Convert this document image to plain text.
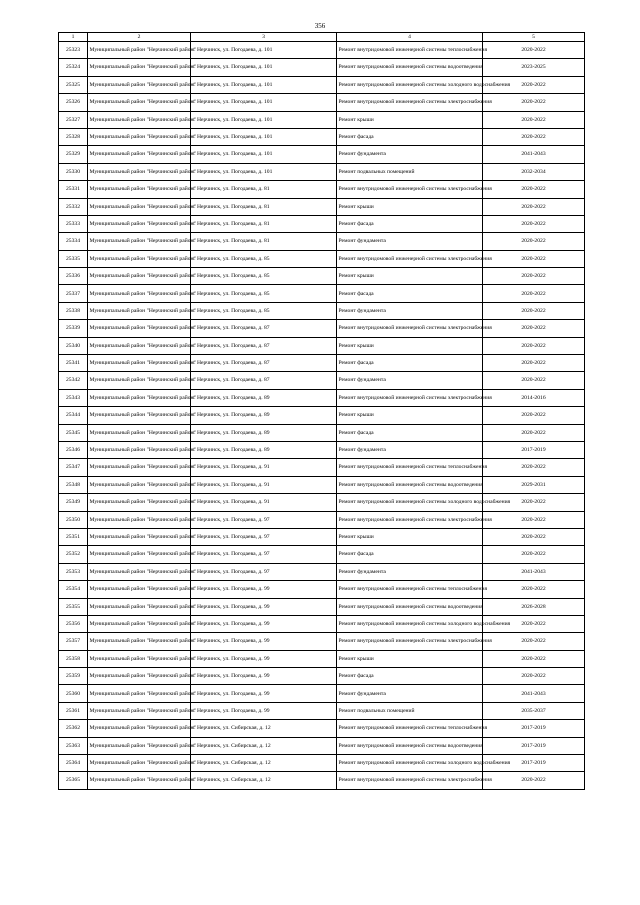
356
1	2	3	4	5
25323	Муниципальный район "Нерчинский район"	г. Нерчинск, ул. Погодаева, д. 101	Ремонт внутридомовой инженерной системы теплоснабжения	2020-2022
25324	Муниципальный район "Нерчинский район"	г. Нерчинск, ул. Погодаева, д. 101	Ремонт внутридомовой инженерной системы водоотведения	2023-2025
25325	Муниципальный район "Нерчинский район"	г. Нерчинск, ул. Погодаева, д. 101	Ремонт внутридомовой инженерной системы холодного водоснабжения	2020-2022
25326	Муниципальный район "Нерчинский район"	г. Нерчинск, ул. Погодаева, д. 101	Ремонт внутридомовой инженерной системы электроснабжения	2020-2022
25327	Муниципальный район "Нерчинский район"	г. Нерчинск, ул. Погодаева, д. 101	Ремонт крыши	2020-2022
25328	Муниципальный район "Нерчинский район"	г. Нерчинск, ул. Погодаева, д. 101	Ремонт фасада	2020-2022
25329	Муниципальный район "Нерчинский район"	г. Нерчинск, ул. Погодаева, д. 101	Ремонт фундамента	2041-2043
25330	Муниципальный район "Нерчинский район"	г. Нерчинск, ул. Погодаева, д. 101	Ремонт подвальных помещений	2032-2034
25331	Муниципальный район "Нерчинский район"	г. Нерчинск, ул. Погодаева, д. 81	Ремонт внутридомовой инженерной системы электроснабжения	2020-2022
25332	Муниципальный район "Нерчинский район"	г. Нерчинск, ул. Погодаева, д. 81	Ремонт крыши	2020-2022
25333	Муниципальный район "Нерчинский район"	г. Нерчинск, ул. Погодаева, д. 81	Ремонт фасада	2020-2022
25334	Муниципальный район "Нерчинский район"	г. Нерчинск, ул. Погодаева, д. 81	Ремонт фундамента	2020-2022
25335	Муниципальный район "Нерчинский район"	г. Нерчинск, ул. Погодаева, д. 85	Ремонт внутридомовой инженерной системы электроснабжения	2020-2022
25336	Муниципальный район "Нерчинский район"	г. Нерчинск, ул. Погодаева, д. 85	Ремонт крыши	2020-2022
25337	Муниципальный район "Нерчинский район"	г. Нерчинск, ул. Погодаева, д. 85	Ремонт фасада	2020-2022
25338	Муниципальный район "Нерчинский район"	г. Нерчинск, ул. Погодаева, д. 85	Ремонт фундамента	2020-2022
25339	Муниципальный район "Нерчинский район"	г. Нерчинск, ул. Погодаева, д. 87	Ремонт внутридомовой инженерной системы электроснабжения	2020-2022
25340	Муниципальный район "Нерчинский район"	г. Нерчинск, ул. Погодаева, д. 87	Ремонт крыши	2020-2022
25341	Муниципальный район "Нерчинский район"	г. Нерчинск, ул. Погодаева, д. 87	Ремонт фасада	2020-2022
25342	Муниципальный район "Нерчинский район"	г. Нерчинск, ул. Погодаева, д. 87	Ремонт фундамента	2020-2022
25343	Муниципальный район "Нерчинский район"	г. Нерчинск, ул. Погодаева, д. 89	Ремонт внутридомовой инженерной системы электроснабжения	2014-2016
25344	Муниципальный район "Нерчинский район"	г. Нерчинск, ул. Погодаева, д. 89	Ремонт крыши	2020-2022
25345	Муниципальный район "Нерчинский район"	г. Нерчинск, ул. Погодаева, д. 89	Ремонт фасада	2020-2022
25346	Муниципальный район "Нерчинский район"	г. Нерчинск, ул. Погодаева, д. 89	Ремонт фундамента	2017-2019
25347	Муниципальный район "Нерчинский район"	г. Нерчинск, ул. Погодаева, д. 91	Ремонт внутридомовой инженерной системы теплоснабжения	2020-2022
25348	Муниципальный район "Нерчинский район"	г. Нерчинск, ул. Погодаева, д. 91	Ремонт внутридомовой инженерной системы водоотведения	2029-2031
25349	Муниципальный район "Нерчинский район"	г. Нерчинск, ул. Погодаева, д. 91	Ремонт внутридомовой инженерной системы холодного водоснабжения	2020-2022
25350	Муниципальный район "Нерчинский район"	г. Нерчинск, ул. Погодаева, д. 97	Ремонт внутридомовой инженерной системы электроснабжения	2020-2022
25351	Муниципальный район "Нерчинский район"	г. Нерчинск, ул. Погодаева, д. 97	Ремонт крыши	2020-2022
25352	Муниципальный район "Нерчинский район"	г. Нерчинск, ул. Погодаева, д. 97	Ремонт фасада	2020-2022
25353	Муниципальный район "Нерчинский район"	г. Нерчинск, ул. Погодаева, д. 97	Ремонт фундамента	2041-2043
25354	Муниципальный район "Нерчинский район"	г. Нерчинск, ул. Погодаева, д. 99	Ремонт внутридомовой инженерной системы теплоснабжения	2020-2022
25355	Муниципальный район "Нерчинский район"	г. Нерчинск, ул. Погодаева, д. 99	Ремонт внутридомовой инженерной системы водоотведения	2026-2028
25356	Муниципальный район "Нерчинский район"	г. Нерчинск, ул. Погодаева, д. 99	Ремонт внутридомовой инженерной системы холодного водоснабжения	2020-2022
25357	Муниципальный район "Нерчинский район"	г. Нерчинск, ул. Погодаева, д. 99	Ремонт внутридомовой инженерной системы электроснабжения	2020-2022
25358	Муниципальный район "Нерчинский район"	г. Нерчинск, ул. Погодаева, д. 99	Ремонт крыши	2020-2022
25359	Муниципальный район "Нерчинский район"	г. Нерчинск, ул. Погодаева, д. 99	Ремонт фасада	2020-2022
25360	Муниципальный район "Нерчинский район"	г. Нерчинск, ул. Погодаева, д. 99	Ремонт фундамента	2041-2043
25361	Муниципальный район "Нерчинский район"	г. Нерчинск, ул. Погодаева, д. 99	Ремонт подвальных помещений	2035-2037
25362	Муниципальный район "Нерчинский район"	г. Нерчинск, ул. Сибирская, д. 12	Ремонт внутридомовой инженерной системы теплоснабжения	2017-2019
25363	Муниципальный район "Нерчинский район"	г. Нерчинск, ул. Сибирская, д. 12	Ремонт внутридомовой инженерной системы водоотведения	2017-2019
25364	Муниципальный район "Нерчинский район"	г. Нерчинск, ул. Сибирская, д. 12	Ремонт внутридомовой инженерной системы холодного водоснабжения	2017-2019
25365	Муниципальный район "Нерчинский район"	г. Нерчинск, ул. Сибирская, д. 12	Ремонт внутридомовой инженерной системы электроснабжения	2020-2022
